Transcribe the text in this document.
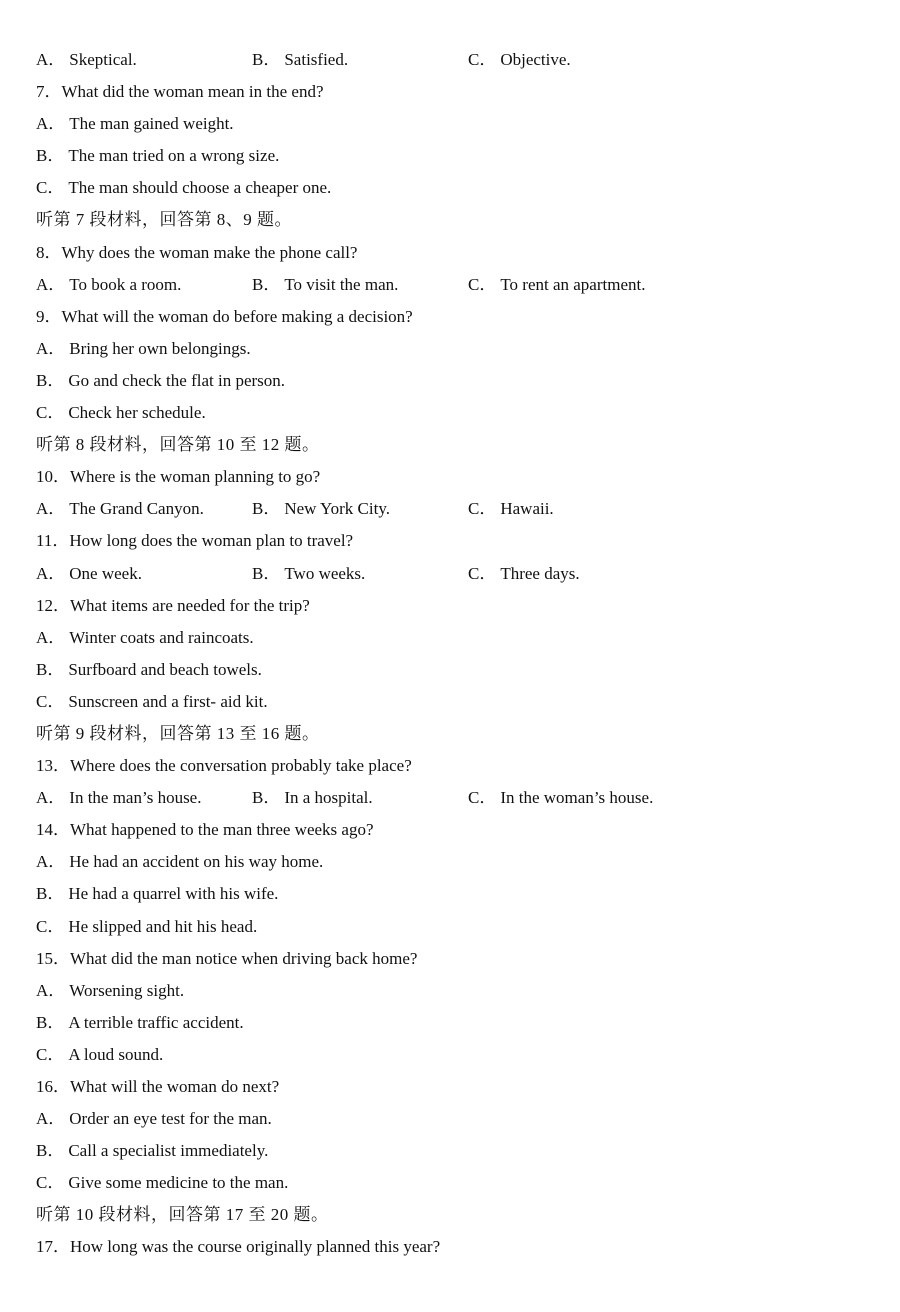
A． Skeptical.	B． Satisfied.	C． Objective.
7．What did the woman mean in the end?
A． The man gained weight.
B． The man tried on a wrong size.
C． The man should choose a cheaper one.
听第 7 段材料，回答第 8、9 题。
8．Why does the woman make the phone call?
A． To book a room.	B． To visit the man.	C． To rent an apartment.
9．What will the woman do before making a decision?
A． Bring her own belongings.
B． Go and check the flat in person.
C． Check her schedule.
听第 8 段材料，回答第 10 至 12 题。
10．Where is the woman planning to go?
A． The Grand Canyon.	B． New York City.	C． Hawaii.
11．How long does the woman plan to travel?
A． One week.	B． Two weeks.	C． Three days.
12．What items are needed for the trip?
A． Winter coats and raincoats.
B． Surfboard and beach towels.
C． Sunscreen and a first- aid kit.
听第 9 段材料，回答第 13 至 16 题。
13．Where does the conversation probably take place?
A． In the man’s house.	B． In a hospital.	C． In the woman’s house.
14．What happened to the man three weeks ago?
A． He had an accident on his way home.
B． He had a quarrel with his wife.
C． He slipped and hit his head.
15．What did the man notice when driving back home?
A． Worsening sight.
B． A terrible traffic accident.
C． A loud sound.
16．What will the woman do next?
A． Order an eye test for the man.
B． Call a specialist immediately.
C． Give some medicine to the man.
听第 10 段材料，回答第 17 至 20 题。
17．How long was the course originally planned this year?
